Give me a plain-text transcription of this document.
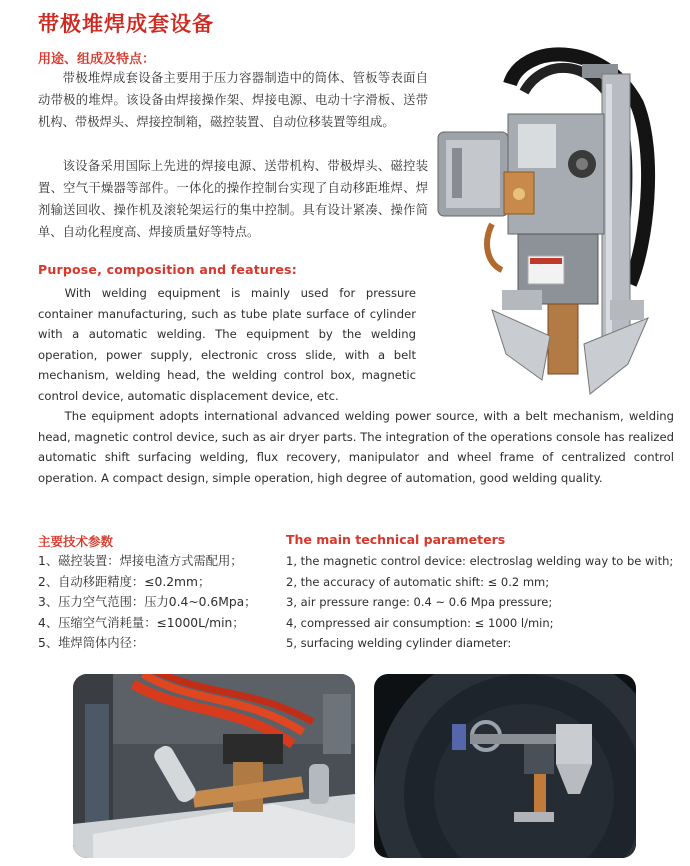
带极堆焊成套设备
用途、组成及特点：

带极堆焊成套设备主要用于压力容器制造中的筒体、管板等表面自动带极的堆焊。该设备由焊接操作架、焊接电源、电动十字滑板、送带机构、带极焊头、焊接控制箱，磁控装置、自动位移装置等组成。

该设备采用国际上先进的焊接电源、送带机构、带极焊头、磁控装置、空气干燥器等部件。一体化的操作控制台实现了自动移距堆焊、焊剂输送回收、操作机及滚轮架运行的集中控制。具有设计紧凑、操作简单、自动化程度高、焊接质量好等特点。

Purpose, composition and features:

With welding equipment is mainly used for pressure container manufacturing, such as tube plate surface of cylinder with a automatic welding. The equipment by the welding operation, power supply, electronic cross slide, with a belt mechanism, welding head, the welding control box, magnetic control device, automatic displacement device, etc.

The equipment adopts international advanced welding power source, with a belt mechanism, welding head, magnetic control device, such as air dryer parts. The integration of the operations console has realized automatic shift surfacing welding, flux recovery, manipulator and wheel frame of centralized control operation. A compact design, simple operation, high degree of automation, good welding quality.

主要技术参数
1、磁控装置：焊接电渣方式需配用；
2、自动移距精度：≤0.2mm；
3、压力空气范围：压力0.4~0.6Mpa；
4、压缩空气消耗量：≤1000L/min；
5、堆焊筒体内径：
The main technical parameters
1, the magnetic control device: electroslag welding way to be with;
2, the accuracy of automatic shift: ≤ 0.2 mm;
3, air pressure range: 0.4 ~ 0.6 Mpa pressure;
4, compressed air consumption: ≤ 1000 l/min;
5, surfacing welding cylinder diameter:
